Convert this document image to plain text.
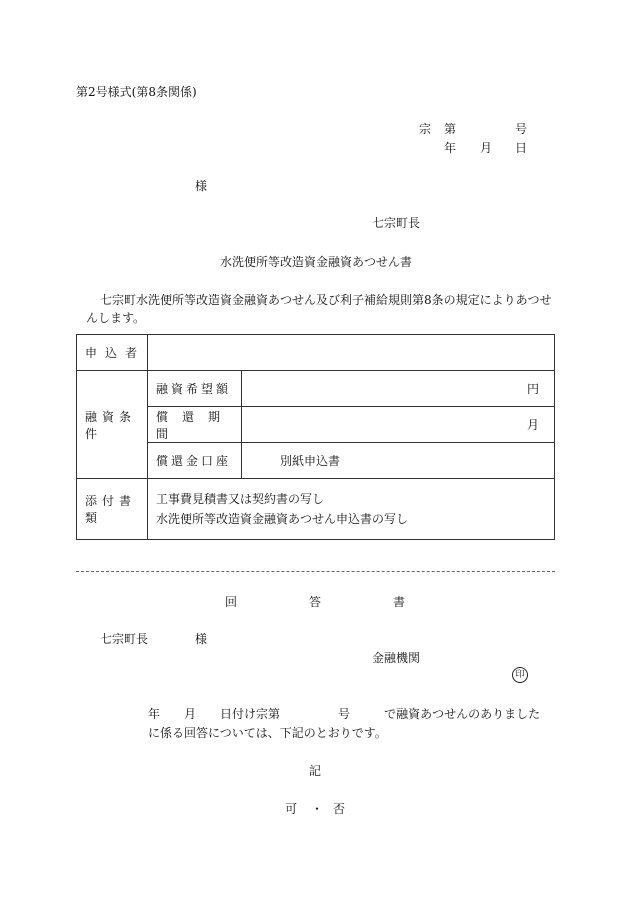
第2号様式(第8条関係)
宗 第	号
年 月 日
様
七宗町長
水洗便所等改造資金融資あつせん書
七宗町水洗便所等改造資金融資あつせん及び利子補給規則第8条の規定によりあつせ
んします。
申込者		
融資条件	融資希望額	円
	償還期間	月
	償還金口座	別紙申込書
添付書類	工事費見積書又は契約書の写し
水洗便所等改造資金融資あつせん申込書の写し	
回	答	書
七宗町長	様
金融機関
印
年 月 日付け宗第	号	で融資あつせんのありました
に係る回答については、下記のとおりです。
記
可 ・ 否
